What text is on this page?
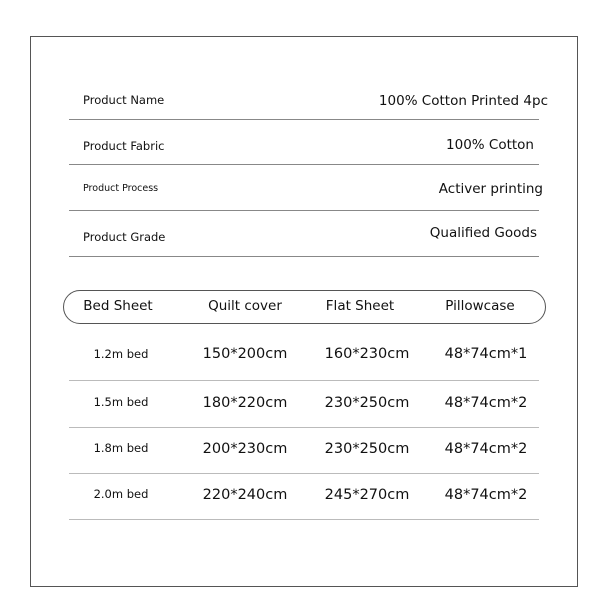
Product Name	100% Cotton Printed 4pc
Product Fabric	100% Cotton
Product Process	Activer printing
Product Grade	Qualified Goods
Bed Sheet	Quilt cover	Flat Sheet	Pillowcase
1.2m bed	150*200cm	160*230cm	48*74cm*1
1.5m bed	180*220cm	230*250cm	48*74cm*2
1.8m bed	200*230cm	230*250cm	48*74cm*2
2.0m bed	220*240cm	245*270cm	48*74cm*2
